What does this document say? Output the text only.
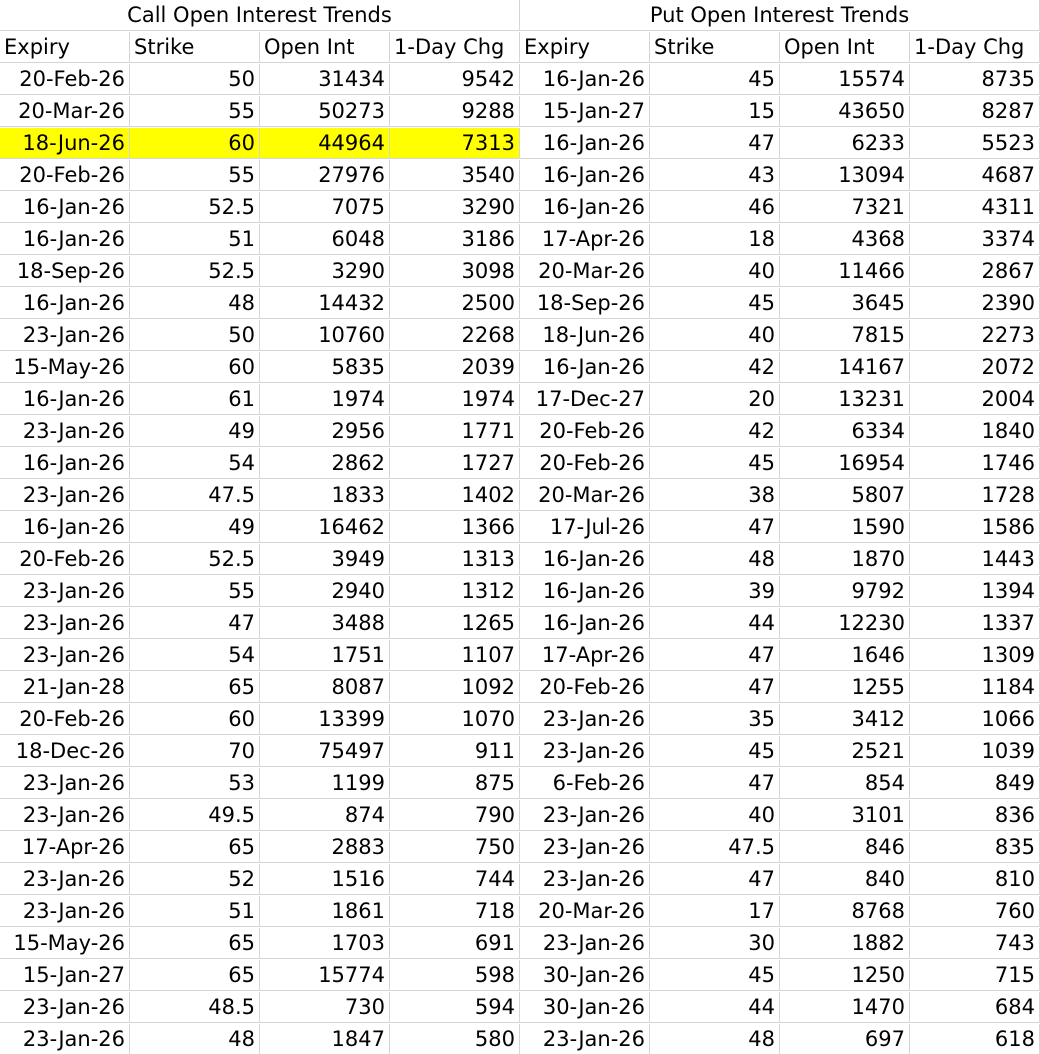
Call Open Interest Trends	Put Open Interest Trends
Expiry	Strike	Open Int	1-Day Chg Expiry	Strike	Open Int	1-Day Chg
20-Feb-26	50	31434	9542	16-Jan-26	45	15574	8735
20-Mar-26	55	50273	9288	15-Jan-27	15	43650	8287
18-Jun-26	60	44964	7313	16-Jan-26	47	6233	5523
20-Feb-26	55	27976	3540	16-Jan-26	43	13094	4687
16-Jan-26	52.5	7075	3290	16-Jan-26	46	7321	4311
16-Jan-26	51	6048	3186	17-Apr-26	18	4368	3374
18-Sep-26	52.5	3290	3098	20-Mar-26	40	11466	2867
16-Jan-26	48	14432	2500	18-Sep-26	45	3645	2390
23-Jan-26	50	10760	2268	18-Jun-26	40	7815	2273
15-May-26	60	5835	2039	16-Jan-26	42	14167	2072
16-Jan-26	61	1974	1974 17-Dec-27	20	13231	2004
23-Jan-26	49	2956	1771	20-Feb-26	42	6334	1840
16-Jan-26	54	2862	1727	20-Feb-26	45	16954	1746
23-Jan-26	47.5	1833	1402	20-Mar-26	38	5807	1728
16-Jan-26	49	16462	1366	17-Jul-26	47	1590	1586
20-Feb-26	52.5	3949	1313	16-Jan-26	48	1870	1443
23-Jan-26	55	2940	1312	16-Jan-26	39	9792	1394
23-Jan-26	47	3488	1265	16-Jan-26	44	12230	1337
23-Jan-26	54	1751	1107	17-Apr-26	47	1646	1309
21-Jan-28	65	8087	1092	20-Feb-26	47	1255	1184
20-Feb-26	60	13399	1070	23-Jan-26	35	3412	1066
18-Dec-26	70	75497	911	23-Jan-26	45	2521	1039
23-Jan-26	53	1199	875	6-Feb-26	47	854	849
23-Jan-26	49.5	874	790	23-Jan-26	40	3101	836
17-Apr-26	65	2883	750	23-Jan-26	47.5	846	835
23-Jan-26	52	1516	744	23-Jan-26	47	840	810
23-Jan-26	51	1861	718	20-Mar-26	17	8768	760
15-May-26	65	1703	691	23-Jan-26	30	1882	743
15-Jan-27	65	15774	598	30-Jan-26	45	1250	715
23-Jan-26	48.5	730	594	30-Jan-26	44	1470	684
23-Jan-26	48	1847	580	23-Jan-26	48	697	618
